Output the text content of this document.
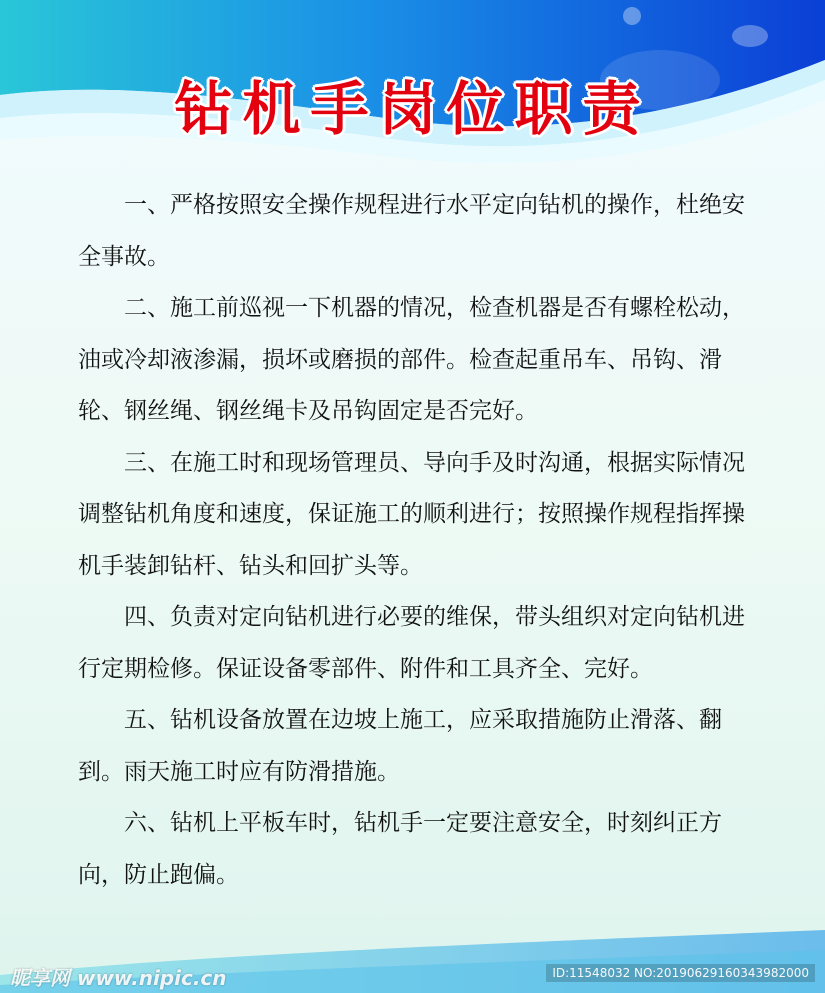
钻机手岗位职责

一、严格按照安全操作规程进行水平定向钻机的操作，杜绝安全事故。

二、施工前巡视一下机器的情况，检查机器是否有螺栓松动，油或冷却液渗漏，损坏或磨损的部件。检查起重吊车、吊钩、滑轮、钢丝绳、钢丝绳卡及吊钩固定是否完好。

三、在施工时和现场管理员、导向手及时沟通，根据实际情况调整钻机角度和速度，保证施工的顺利进行；按照操作规程指挥操机手装卸钻杆、钻头和回扩头等。

四、负责对定向钻机进行必要的维保，带头组织对定向钻机进行定期检修。保证设备零部件、附件和工具齐全、完好。

五、钻机设备放置在边坡上施工，应采取措施防止滑落、翻到。雨天施工时应有防滑措施。

六、钻机上平板车时，钻机手一定要注意安全，时刻纠正方向，防止跑偏。

昵享网 www.nipic.cn	ID:11548032 NO:20190629160343982000
